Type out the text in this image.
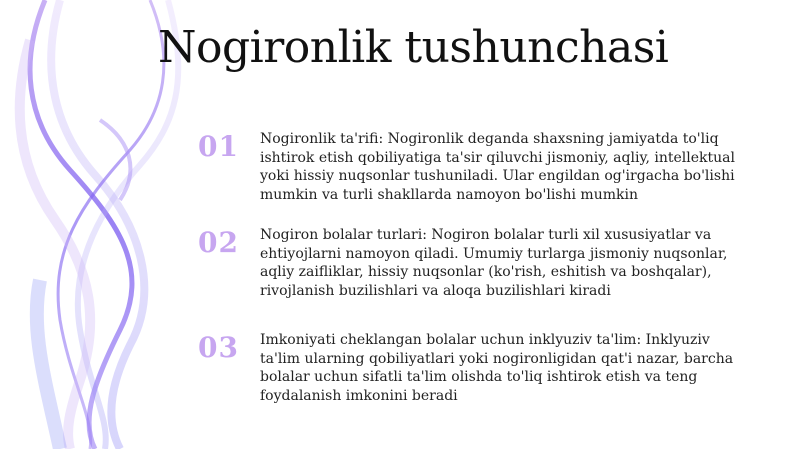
Nogironlik tushunchasi
01 Nogironlik ta'rifi: Nogironlik deganda shaxsning jamiyatda to'liq ishtirok etish qobiliyatiga ta'sir qiluvchi jismoniy, aqliy, intellektual yoki hissiy nuqsonlar tushuniladi. Ular engildan og'irgacha bo'lishi mumkin va turli shakllarda namoyon bo'lishi mumkin
02 Nogiron bolalar turlari: Nogiron bolalar turli xil xususiyatlar va ehtiyojlarni namoyon qiladi. Umumiy turlarga jismoniy nuqsonlar, aqliy zaifliklar, hissiy nuqsonlar (ko'rish, eshitish va boshqalar), rivojlanish buzilishlari va aloqa buzilishlari kiradi
03 Imkoniyati cheklangan bolalar uchun inklyuziv ta'lim: Inklyuziv ta'lim ularning qobiliyatlari yoki nogironligidan qat'i nazar, barcha bolalar uchun sifatli ta'lim olishda to'liq ishtirok etish va teng foydalanish imkonini beradi
